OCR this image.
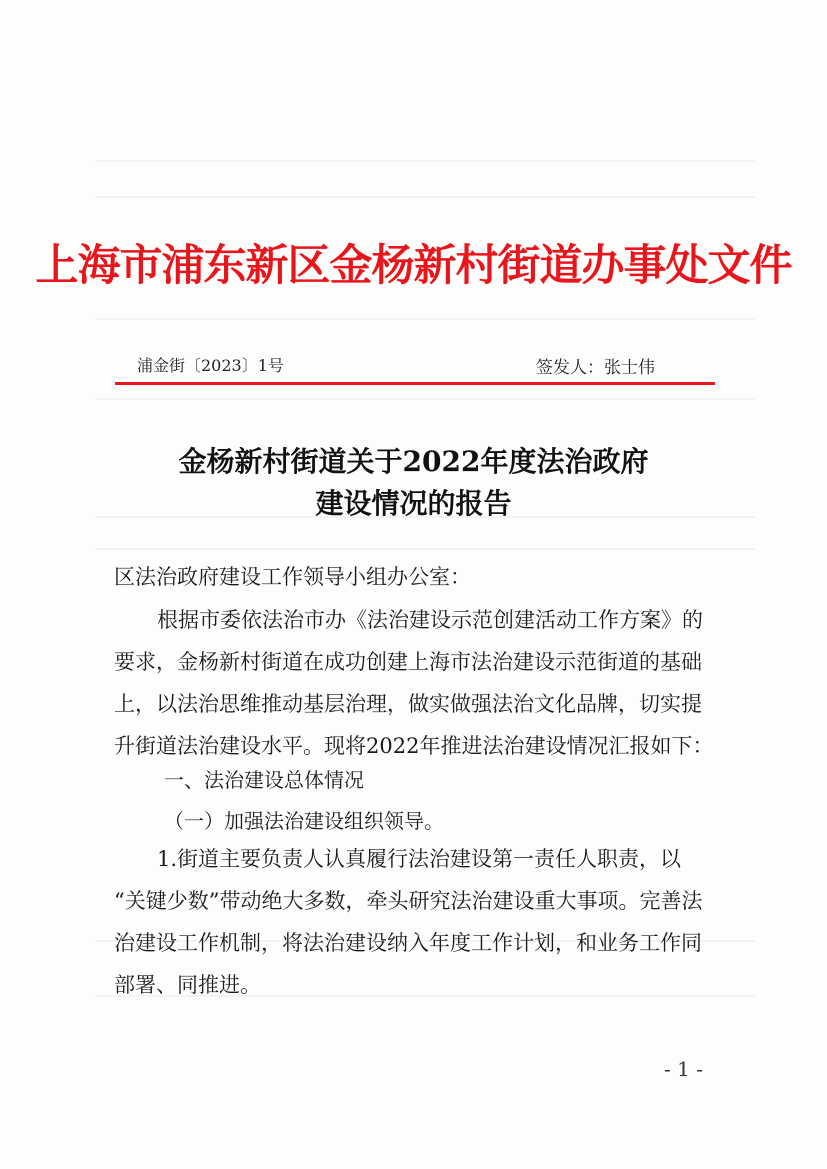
上海市浦东新区金杨新村街道办事处文件
浦金街〔2023〕1号	签发人：张士伟
金杨新村街道关于2022年度法治政府
建设情况的报告
区法治政府建设工作领导小组办公室：
根据市委依法治市办《法治建设示范创建活动工作方案》的
要求，金杨新村街道在成功创建上海市法治建设示范街道的基础
上，以法治思维推动基层治理，做实做强法治文化品牌，切实提
升街道法治建设水平。现将2022年推进法治建设情况汇报如下：
一、法治建设总体情况
（一）加强法治建设组织领导。
1.街道主要负责人认真履行法治建设第一责任人职责，以
“关键少数”带动绝大多数，牵头研究法治建设重大事项。完善法
治建设工作机制，将法治建设纳入年度工作计划，和业务工作同
部署、同推进。
- 1 -
